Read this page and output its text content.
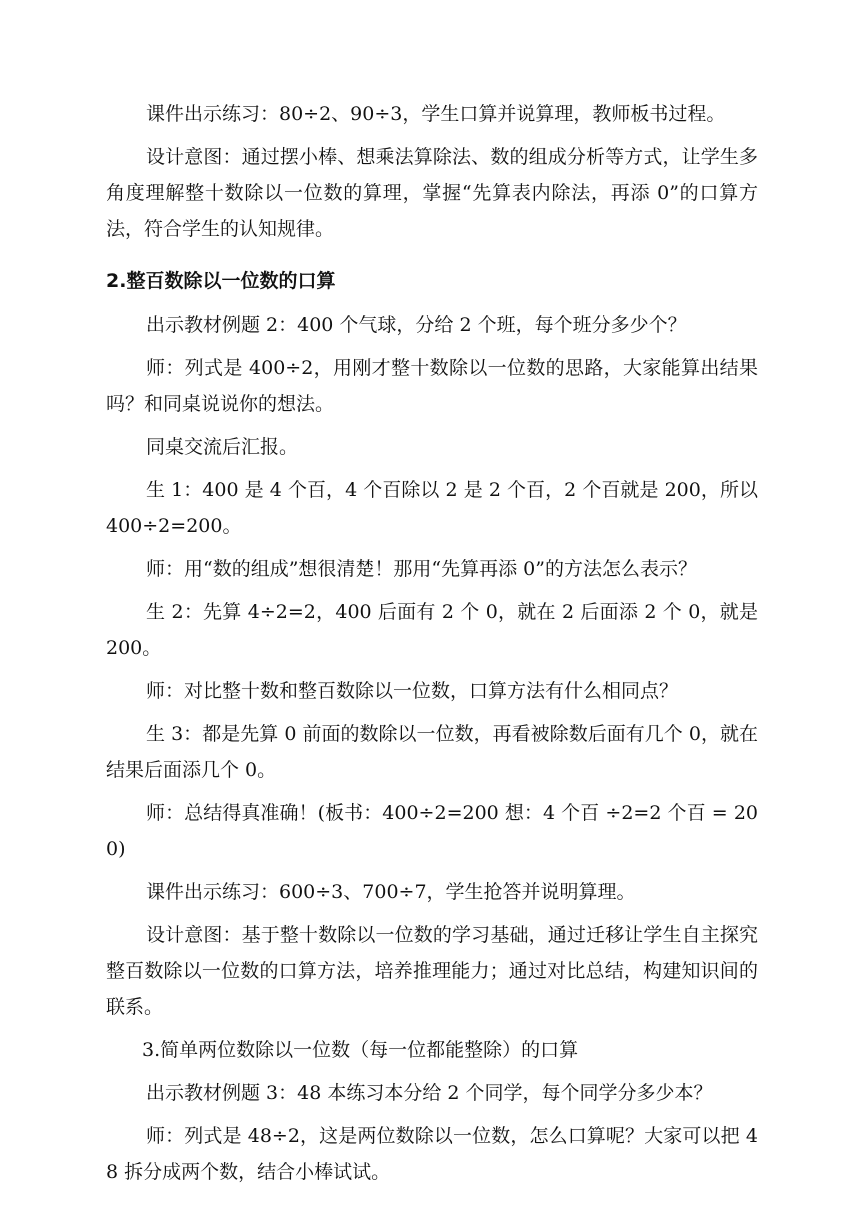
课件出示练习：80÷2、90÷3，学生口算并说算理，教师板书过程。

设计意图：通过摆小棒、想乘法算除法、数的组成分析等方式，让学生多角度理解整十数除以一位数的算理，掌握“先算表内除法，再添 0”的口算方法，符合学生的认知规律。

2.整百数除以一位数的口算

出示教材例题 2：400 个气球，分给 2 个班，每个班分多少个？

师：列式是 400÷2，用刚才整十数除以一位数的思路，大家能算出结果吗？和同桌说说你的想法。

同桌交流后汇报。

生 1：400 是 4 个百，4 个百除以 2 是 2 个百，2 个百就是 200，所以 400÷2=200。

师：用“数的组成”想很清楚！那用“先算再添 0”的方法怎么表示？

生 2：先算 4÷2=2，400 后面有 2 个 0，就在 2 后面添 2 个 0，就是 200。

师：对比整十数和整百数除以一位数，口算方法有什么相同点？

生 3：都是先算 0 前面的数除以一位数，再看被除数后面有几个 0，就在结果后面添几个 0。

师：总结得真准确！(板书：400÷2=200 想：4 个百 ÷2=2 个百 = 200)

课件出示练习：600÷3、700÷7，学生抢答并说明算理。

设计意图：基于整十数除以一位数的学习基础，通过迁移让学生自主探究整百数除以一位数的口算方法，培养推理能力；通过对比总结，构建知识间的联系。

3.简单两位数除以一位数（每一位都能整除）的口算

出示教材例题 3：48 本练习本分给 2 个同学，每个同学分多少本？

师：列式是 48÷2，这是两位数除以一位数，怎么口算呢？大家可以把 48 拆分成两个数，结合小棒试试。
